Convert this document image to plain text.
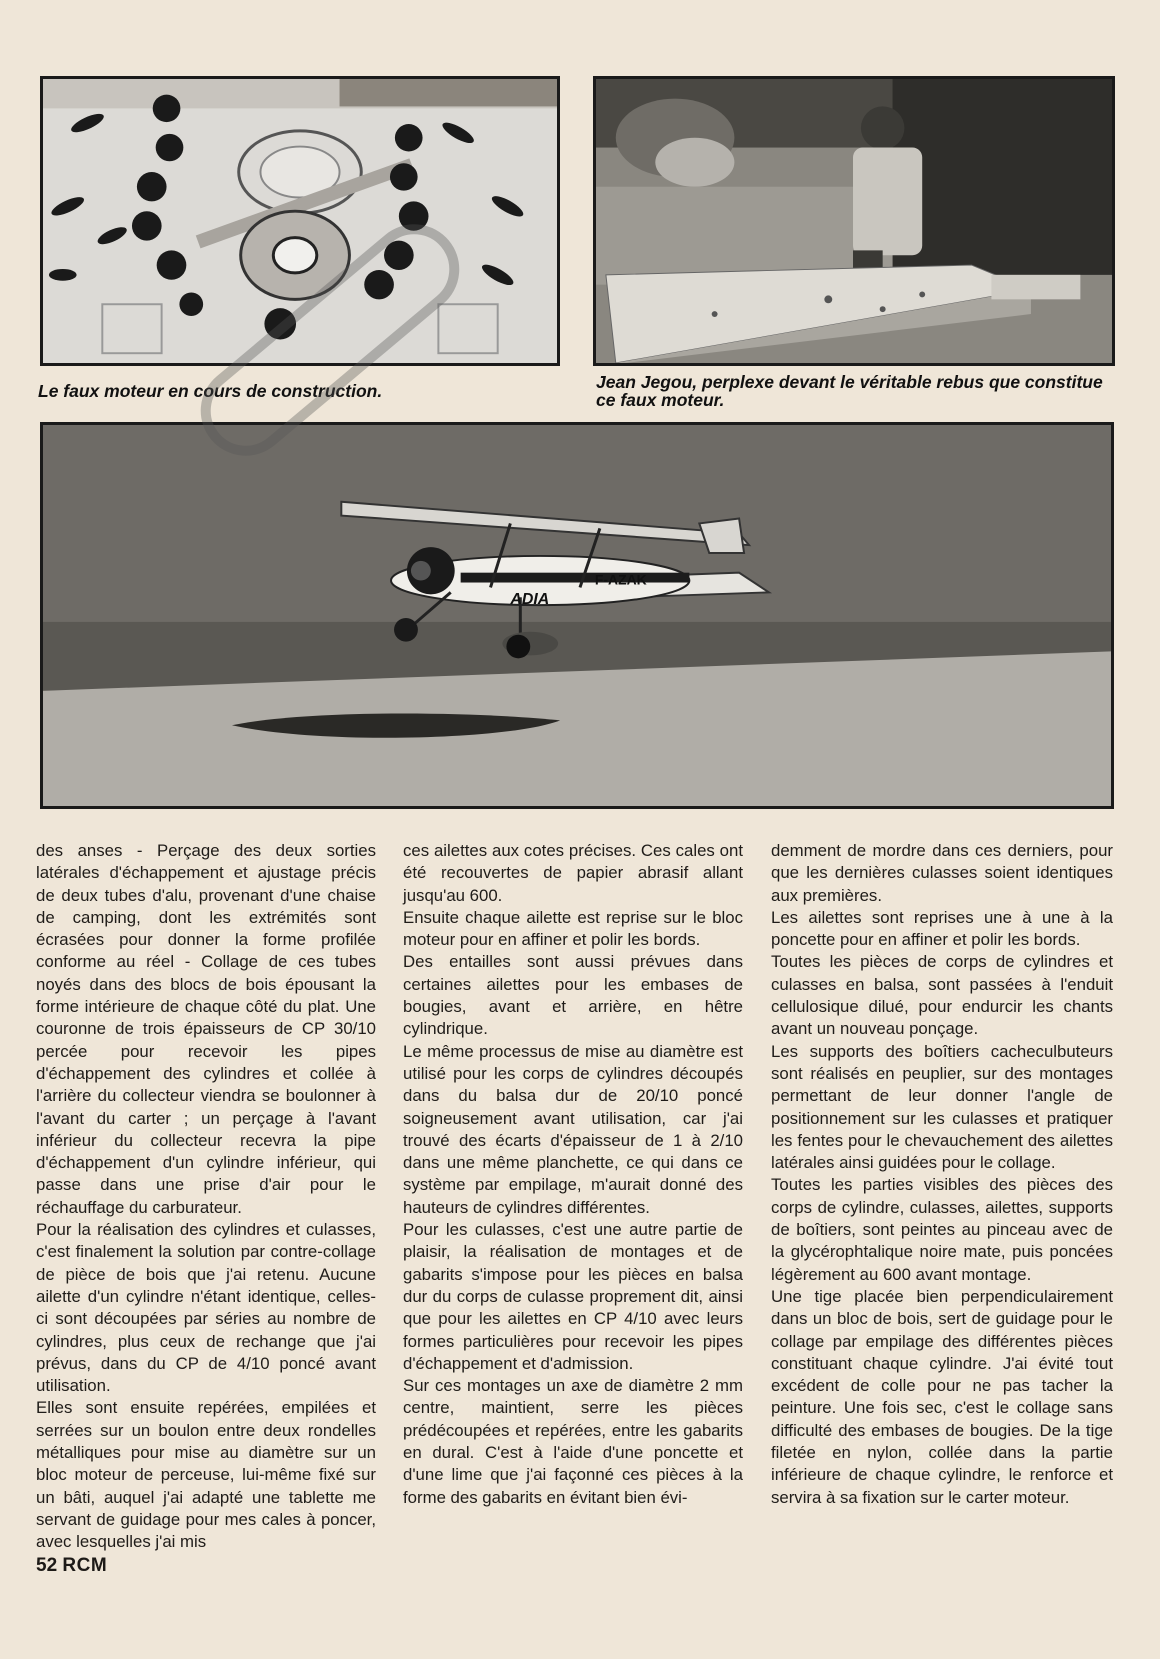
Le faux moteur en cours de construction.	Jean Jegou, perplexe devant le véritable rebus que constitue ce faux moteur.
F-AZAK
ADIA

des anses - Perçage des deux sorties latérales d'échappement et ajustage précis de deux tubes d'alu, provenant d'une chaise de camping, dont les extrémités sont écrasées pour donner la forme profilée conforme au réel - Collage de ces tubes noyés dans des blocs de bois épousant la forme intérieure de chaque côté du plat. Une couronne de trois épaisseurs de CP 30/10 percée pour recevoir les pipes d'échappement des cylindres et collée à l'arrière du collecteur viendra se boulonner à l'avant du carter ; un perçage à l'avant inférieur du collecteur recevra la pipe d'échappement d'un cylindre inférieur, qui passe dans une prise d'air pour le réchauffage du carburateur.

Pour la réalisation des cylindres et culasses, c'est finalement la solution par contre-collage de pièce de bois que j'ai retenu. Aucune ailette d'un cylindre n'étant identique, celles-ci sont découpées par séries au nombre de cylindres, plus ceux de rechange que j'ai prévus, dans du CP de 4/10 poncé avant utilisation.

Elles sont ensuite repérées, empilées et serrées sur un boulon entre deux rondelles métalliques pour mise au diamètre sur un bloc moteur de perceuse, lui-même fixé sur un bâti, auquel j'ai adapté une tablette me servant de guidage pour mes cales à poncer, avec lesquelles j'ai mis

ces ailettes aux cotes précises. Ces cales ont été recouvertes de papier abrasif allant jusqu'au 600.

Ensuite chaque ailette est reprise sur le bloc moteur pour en affiner et polir les bords.

Des entailles sont aussi prévues dans certaines ailettes pour les embases de bougies, avant et arrière, en hêtre cylindrique.

Le même processus de mise au diamètre est utilisé pour les corps de cylindres découpés dans du balsa dur de 20/10 poncé soigneusement avant utilisation, car j'ai trouvé des écarts d'épaisseur de 1 à 2/10 dans une même planchette, ce qui dans ce système par empilage, m'aurait donné des hauteurs de cylindres différentes.

Pour les culasses, c'est une autre partie de plaisir, la réalisation de montages et de gabarits s'impose pour les pièces en balsa dur du corps de culasse proprement dit, ainsi que pour les ailettes en CP 4/10 avec leurs formes particulières pour recevoir les pipes d'échappement et d'admission.

Sur ces montages un axe de diamètre 2 mm centre, maintient, serre les pièces prédécoupées et repérées, entre les gabarits en dural. C'est à l'aide d'une poncette et d'une lime que j'ai façonné ces pièces à la forme des gabarits en évitant bien évi-

demment de mordre dans ces derniers, pour que les dernières culasses soient identiques aux premières.

Les ailettes sont reprises une à une à la poncette pour en affiner et polir les bords.

Toutes les pièces de corps de cylindres et culasses en balsa, sont passées à l'enduit cellulosique dilué, pour endurcir les chants avant un nouveau ponçage.

Les supports des boîtiers cacheculbuteurs sont réalisés en peuplier, sur des montages permettant de leur donner l'angle de positionnement sur les culasses et pratiquer les fentes pour le chevauchement des ailettes latérales ainsi guidées pour le collage.

Toutes les parties visibles des pièces des corps de cylindre, culasses, ailettes, supports de boîtiers, sont peintes au pinceau avec de la glycérophtalique noire mate, puis poncées légèrement au 600 avant montage.

Une tige placée bien perpendiculairement dans un bloc de bois, sert de guidage pour le collage par empilage des différentes pièces constituant chaque cylindre. J'ai évité tout excédent de colle pour ne pas tacher la peinture. Une fois sec, c'est le collage sans difficulté des embases de bougies. De la tige filetée en nylon, collée dans la partie inférieure de chaque cylindre, le renforce et servira à sa fixation sur le carter moteur.

52 RCM
